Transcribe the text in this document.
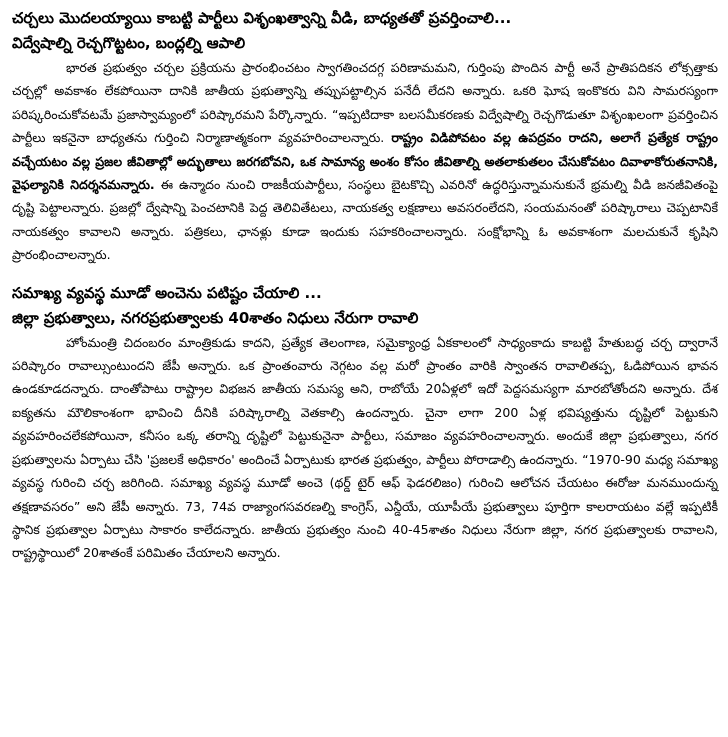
చర్చలు మొదలయ్యాయి కాబట్టి పార్టీలు విశృంఖత్వాన్ని వీడి, బాధ్యతతో ప్రవర్తించాలి...

విద్వేషాల్ని రెచ్చగొట్టటం, బంద్లల్ని ఆపాలి

భారత ప్రభుత్వం చర్చల ప్రక్రియను ప్రారంభించటం స్వాగతించదగ్గ పరిణామమని, గుర్తింపు పొందిన పార్టీ అనే ప్రాతిపదికన లోక్సత్తాకు చర్చల్లో అవకాశం లేకపోయినా దానికి జాతీయ ప్రభుత్వాన్ని తప్పుపట్టాల్సిన పనేదీ లేదని అన్నారు. ఒకరి ఘోష ఇంకొకరు విని సామరస్యంగా పరిష్కరించుకోవటమే ప్రజాస్వామ్యంలో పరిష్కారమని పేర్కొన్నారు. “ఇప్పటిదాకా బలసమీకరణకు విద్వేషాల్ని రెచ్చగొడుతూ విశృంఖలంగా ప్రవర్తించిన పార్టీలు ఇకనైనా బాధ్యతను గుర్తించి నిర్మాణాత్మకంగా వ్యవహరించాలన్నారు. రాష్ట్రం విడిపోవటం వల్ల ఉపద్రవం రాదని, అలాగే ప్రత్యేక రాష్ట్రం వచ్చేయటం వల్ల ప్రజల జీవితాల్లో అద్భుతాలు జరగబోవని, ఒక సామాన్య అంశం కోసం జీవితాల్ని అతలాకుతలం చేసుకోవటం దివాళాకోరుతనానికి, వైఫల్యానికి నిదర్శనమన్నారు. ఈ ఉన్మాదం నుంచి రాజకీయపార్టీలు, సంస్థలు బైటకొచ్చి ఎవరినో ఉద్ధరిస్తున్నామనుకునే భ్రమల్ని వీడి జనజీవితంపై దృష్టి పెట్టాలన్నారు. ప్రజల్లో ద్వేషాన్ని పెంచటానికి పెద్ద తెలివితేటలు, నాయకత్వ లక్షణాలు అవసరంలేదని, సంయమనంతో పరిష్కారాలు చెప్పటానికే నాయకత్వం కావాలని అన్నారు. పత్రికలు, ఛానళ్లు కూడా ఇందుకు సహకరించాలన్నారు. సంక్షోభాన్ని ఓ అవకాశంగా మలచుకునే కృషిని ప్రారంభించాలన్నారు.

సమాఖ్య వ్యవస్థ మూడో అంచెను పటిష్టం చేయాలి ...

జిల్లా ప్రభుత్వాలు, నగరప్రభుత్వాలకు 40శాతం నిధులు నేరుగా రావాలి

హోంమంత్రి చిదంబరం మాంత్రికుడు కాదని, ప్రత్యేక తెలంగాణ, సమైక్యాంధ్ర ఏకకాలంలో సాధ్యంకాదు కాబట్టి హేతుబద్ధ చర్చ ద్వారానే పరిష్కారం రావాల్సుంటుందని జేపీ అన్నారు. ఒక ప్రాంతంవారు నెగ్గటం వల్ల మరో ప్రాంతం వారికి స్వాంతన రావాలితప్ప, ఓడిపోయిన భావన ఉండకూడదన్నారు. దాంతోపాటు రాష్ట్రాల విభజన జాతీయ సమస్య అని, రాబోయే 20ఏళ్లలో ఇదో పెద్దసమస్యగా మారబోతోందని అన్నారు. దేశ ఐక్యతను మౌలికాంశంగా భావించి దీనికి పరిష్కారాల్ని వెతకాల్సి ఉందన్నారు. చైనా లాగా 200 ఏళ్ల భవిష్యత్తును దృష్టిలో పెట్టుకుని వ్యవహరించలేకపోయినా, కనీసం ఒక్క తరాన్ని దృష్టిలో పెట్టుకునైనా పార్టీలు, సమాజం వ్యవహరించాలన్నారు. అందుకే జిల్లా ప్రభుత్వాలు, నగర ప్రభుత్వాలను ఏర్పాటు చేసి 'ప్రజలకే అధికారం' అందించే ఏర్పాటుకు భారత ప్రభుత్వం, పార్టీలు పోరాడాల్సి ఉందన్నారు. “1970-90 మధ్య సమాఖ్య వ్యవస్థ గురించి చర్చ జరిగింది. సమాఖ్య వ్యవస్థ మూడో అంచె (థర్డ్ టైర్ ఆఫ్ ఫెడరలిజం) గురించి ఆలోచన చేయటం ఈరోజు మనముందున్న తక్షణావసరం” అని జేపీ అన్నారు. 73, 74వ రాజ్యాంగసవరణల్ని కాంగ్రెస్, ఎన్డీయే, యూపీయే ప్రభుత్వాలు పూర్తిగా కాలరాయటం వల్లే ఇప్పటికీ స్థానిక ప్రభుత్వాల ఏర్పాటు సాకారం కాలేదన్నారు. జాతీయ ప్రభుత్వం నుంచి 40-45శాతం నిధులు నేరుగా జిల్లా, నగర ప్రభుత్వాలకు రావాలని, రాష్ట్రస్థాయిలో 20శాతంకే పరిమితం చేయాలని అన్నారు.
